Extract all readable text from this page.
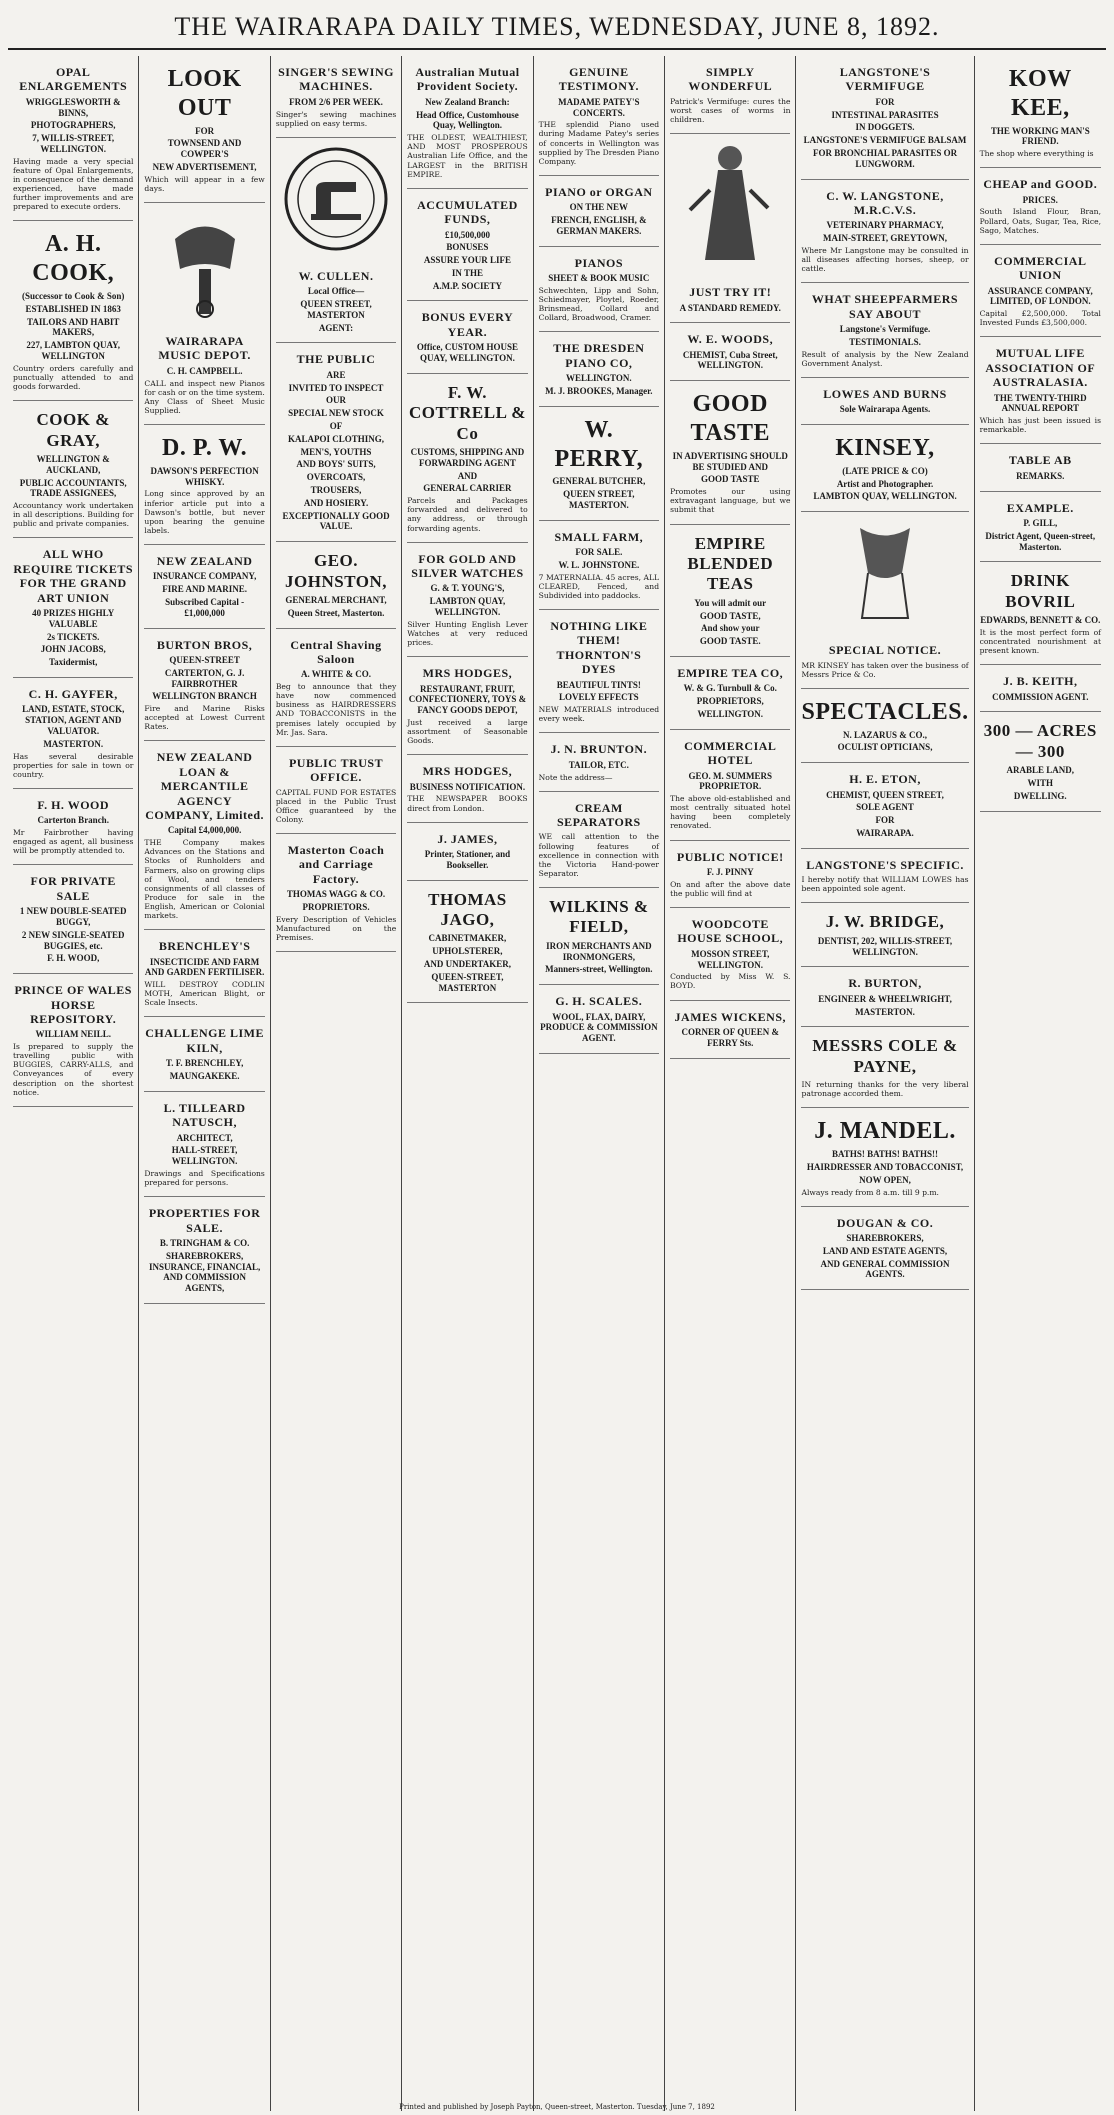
THE WAIRARAPA DAILY TIMES, WEDNESDAY, JUNE 8, 1892.
OPAL ENLARGEMENTS
WRIGGLESWORTH & BINNS,
PHOTOGRAPHERS,
7, WILLIS-STREET, WELLINGTON.

Having made a very special feature of Opal Enlargements, in consequence of the demand experienced, have made further improvements and are prepared to execute orders.

A. H. COOK,
(Successor to Cook & Son)
ESTABLISHED IN 1863
TAILORS AND HABIT MAKERS,
227, LAMBTON QUAY, WELLINGTON

Country orders carefully and punctually attended to and goods forwarded.

COOK & GRAY,
WELLINGTON & AUCKLAND,
PUBLIC ACCOUNTANTS, TRADE ASSIGNEES,

Accountancy work undertaken in all descriptions. Building for public and private companies.

ALL WHO REQUIRE TICKETS FOR THE GRAND ART UNION
40 PRIZES HIGHLY VALUABLE
2s TICKETS.
JOHN JACOBS,
Taxidermist,
C. H. GAYFER,
LAND, ESTATE, STOCK, STATION, AGENT AND VALUATOR.
MASTERTON.

Has several desirable properties for sale in town or country.

F. H. WOOD
Carterton Branch.

Mr Fairbrother having engaged as agent, all business will be promptly attended to.

FOR PRIVATE SALE
1 NEW DOUBLE-SEATED BUGGY,
2 NEW SINGLE-SEATED BUGGIES, etc.
F. H. WOOD,
PRINCE OF WALES HORSE REPOSITORY.
WILLIAM NEILL.

Is prepared to supply the travelling public with BUGGIES, CARRY-ALLS, and Conveyances of every description on the shortest notice.

LOOK OUT
FOR
TOWNSEND AND COWPER'S
NEW ADVERTISEMENT,

Which will appear in a few days.

WAIRARAPA MUSIC DEPOT.
C. H. CAMPBELL.

CALL and inspect new Pianos for cash or on the time system. Any Class of Sheet Music Supplied.

D. P. W.
DAWSON'S PERFECTION WHISKY.

Long since approved by an inferior article put into a Dawson's bottle, but never upon bearing the genuine labels.

NEW ZEALAND
INSURANCE COMPANY,
FIRE AND MARINE.
Subscribed Capital - £1,000,000
BURTON BROS,
QUEEN-STREET
CARTERTON, G. J. FAIRBROTHER
WELLINGTON BRANCH

Fire and Marine Risks accepted at Lowest Current Rates.

NEW ZEALAND LOAN & MERCANTILE AGENCY COMPANY, Limited.
Capital £4,000,000.

THE Company makes Advances on the Stations and Stocks of Runholders and Farmers, also on growing clips of Wool, and tenders consignments of all classes of Produce for sale in the English, American or Colonial markets.

BRENCHLEY'S
INSECTICIDE AND FARM AND GARDEN FERTILISER.

WILL DESTROY CODLIN MOTH, American Blight, or Scale Insects.

CHALLENGE LIME KILN,
T. F. BRENCHLEY,
MAUNGAKEKE.
L. TILLEARD NATUSCH,
ARCHITECT,
HALL-STREET, WELLINGTON.

Drawings and Specifications prepared for persons.

PROPERTIES FOR SALE.
B. TRINGHAM & CO.
SHAREBROKERS, INSURANCE, FINANCIAL, AND COMMISSION AGENTS,
SINGER'S SEWING MACHINES.
FROM 2/6 PER WEEK.

Singer's sewing machines supplied on easy terms.

W. CULLEN.
Local Office—
QUEEN STREET, MASTERTON
AGENT:
THE PUBLIC
ARE
INVITED TO INSPECT
OUR
SPECIAL NEW STOCK
OF
KALAPOI CLOTHING,
MEN'S, YOUTHS
AND BOYS' SUITS,
OVERCOATS,
TROUSERS,
AND HOSIERY.
EXCEPTIONALLY GOOD VALUE.
GEO. JOHNSTON,
GENERAL MERCHANT,
Queen Street, Masterton.
Central Shaving Saloon
A. WHITE & CO.

Beg to announce that they have now commenced business as HAIRDRESSERS AND TOBACCONISTS in the premises lately occupied by Mr. Jas. Sara.

PUBLIC TRUST OFFICE.

CAPITAL FUND FOR ESTATES placed in the Public Trust Office guaranteed by the Colony.

Masterton Coach and Carriage Factory.
THOMAS WAGG & CO.
PROPRIETORS.

Every Description of Vehicles Manufactured on the Premises.

Australian Mutual Provident Society.
New Zealand Branch:
Head Office, Customhouse Quay, Wellington.

THE OLDEST, WEALTHIEST, AND MOST PROSPEROUS Australian Life Office, and the LARGEST in the BRITISH EMPIRE.

ACCUMULATED FUNDS,
£10,500,000
BONUSES
ASSURE YOUR LIFE
IN THE
A.M.P. SOCIETY
BONUS EVERY YEAR.
Office, CUSTOM HOUSE QUAY, WELLINGTON.
F. W. COTTRELL & Co
CUSTOMS, SHIPPING AND FORWARDING AGENT
AND
GENERAL CARRIER

Parcels and Packages forwarded and delivered to any address, or through forwarding agents.

FOR GOLD AND SILVER WATCHES
G. & T. YOUNG'S,
LAMBTON QUAY, WELLINGTON.

Silver Hunting English Lever Watches at very reduced prices.

MRS HODGES,
RESTAURANT, FRUIT, CONFECTIONERY, TOYS & FANCY GOODS DEPOT,

Just received a large assortment of Seasonable Goods.

MRS HODGES,
BUSINESS NOTIFICATION.

THE NEWSPAPER BOOKS direct from London.

J. JAMES,
Printer, Stationer, and Bookseller.
THOMAS JAGO,
CABINETMAKER,
UPHOLSTERER,
AND UNDERTAKER,
QUEEN-STREET, MASTERTON
GENUINE TESTIMONY.
MADAME PATEY'S CONCERTS.

THE splendid Piano used during Madame Patey's series of concerts in Wellington was supplied by The Dresden Piano Company.

PIANO or ORGAN
ON THE NEW
FRENCH, ENGLISH, & GERMAN MAKERS.
PIANOS
SHEET & BOOK MUSIC

Schwechten, Lipp and Sohn, Schiedmayer, Ploytel, Roeder, Brinsmead, Collard and Collard, Broadwood, Cramer.

THE DRESDEN PIANO CO,
WELLINGTON.
M. J. BROOKES, Manager.
W. PERRY,
GENERAL BUTCHER,
QUEEN STREET, MASTERTON.
SMALL FARM,
FOR SALE.
W. L. JOHNSTONE.

7 MATERNALIA. 45 acres, ALL CLEARED, Fenced, and Subdivided into paddocks.

NOTHING LIKE THEM! THORNTON'S DYES
BEAUTIFUL TINTS!
LOVELY EFFECTS

NEW MATERIALS introduced every week.

J. N. BRUNTON.
TAILOR, ETC.

Note the address—

CREAM SEPARATORS

WE call attention to the following features of excellence in connection with the Victoria Hand-power Separator.

WILKINS & FIELD,
IRON MERCHANTS AND IRONMONGERS,
Manners-street, Wellington.
G. H. SCALES.
WOOL, FLAX, DAIRY, PRODUCE & COMMISSION AGENT.
SIMPLY WONDERFUL

Patrick's Vermifuge: cures the worst cases of worms in children.

JUST TRY IT!
A STANDARD REMEDY.
W. E. WOODS,
CHEMIST, Cuba Street, WELLINGTON.
GOOD TASTE
IN ADVERTISING SHOULD BE STUDIED AND
GOOD TASTE

Promotes our using extravagant language, but we submit that

EMPIRE BLENDED TEAS
You will admit our
GOOD TASTE,
And show your
GOOD TASTE.
EMPIRE TEA CO,
W. & G. Turnbull & Co.
PROPRIETORS,
WELLINGTON.
COMMERCIAL HOTEL
GEO. M. SUMMERS PROPRIETOR.

The above old-established and most centrally situated hotel having been completely renovated.

PUBLIC NOTICE!
F. J. PINNY

On and after the above date the public will find at

WOODCOTE HOUSE SCHOOL,
MOSSON STREET, WELLINGTON.

Conducted by Miss W. S. BOYD.

JAMES WICKENS,
CORNER OF QUEEN & FERRY Sts.
LANGSTONE'S VERMIFUGE
FOR
INTESTINAL PARASITES
IN DOGGETS.
LANGSTONE'S VERMIFUGE BALSAM
FOR BRONCHIAL PARASITES OR LUNGWORM.
C. W. LANGSTONE, M.R.C.V.S.
VETERINARY PHARMACY,
MAIN-STREET, GREYTOWN,

Where Mr Langstone may be consulted in all diseases affecting horses, sheep, or cattle.

WHAT SHEEPFARMERS SAY ABOUT
Langstone's Vermifuge.
TESTIMONIALS.

Result of analysis by the New Zealand Government Analyst.

LOWES AND BURNS
Sole Wairarapa Agents.
KINSEY,
(LATE PRICE & CO)
Artist and Photographer.
LAMBTON QUAY, WELLINGTON.
SPECIAL NOTICE.

MR KINSEY has taken over the business of Messrs Price & Co.

SPECTACLES.
N. LAZARUS & CO.,
OCULIST OPTICIANS,
H. E. ETON,
CHEMIST, QUEEN STREET,
SOLE AGENT
FOR
WAIRARAPA.
LANGSTONE'S SPECIFIC.

I hereby notify that WILLIAM LOWES has been appointed sole agent.

J. W. BRIDGE,
DENTIST, 202, WILLIS-STREET, WELLINGTON.
R. BURTON,
ENGINEER & WHEELWRIGHT,
MASTERTON.
MESSRS COLE & PAYNE,

IN returning thanks for the very liberal patronage accorded them.

J. MANDEL.
BATHS! BATHS! BATHS!!
HAIRDRESSER AND TOBACCONIST,
NOW OPEN,

Always ready from 8 a.m. till 9 p.m.

DOUGAN & CO.
SHAREBROKERS,
LAND AND ESTATE AGENTS,
AND GENERAL COMMISSION AGENTS.
KOW KEE,
THE WORKING MAN'S FRIEND.

The shop where everything is

CHEAP and GOOD.
PRICES.

South Island Flour, Bran, Pollard, Oats, Sugar, Tea, Rice, Sago, Matches.

COMMERCIAL UNION
ASSURANCE COMPANY, LIMITED, OF LONDON.

Capital £2,500,000. Total Invested Funds £3,500,000.

MUTUAL LIFE ASSOCIATION OF AUSTRALASIA.
THE TWENTY-THIRD ANNUAL REPORT

Which has just been issued is remarkable.

TABLE AB
REMARKS.
EXAMPLE.
P. GILL,
District Agent, Queen-street, Masterton.
DRINK BOVRIL
EDWARDS, BENNETT & CO.

It is the most perfect form of concentrated nourishment at present known.

J. B. KEITH,
COMMISSION AGENT.
300 — ACRES — 300
ARABLE LAND,
WITH
DWELLING.
Printed and published by Joseph Payton, Queen-street, Masterton. Tuesday, June 7, 1892
